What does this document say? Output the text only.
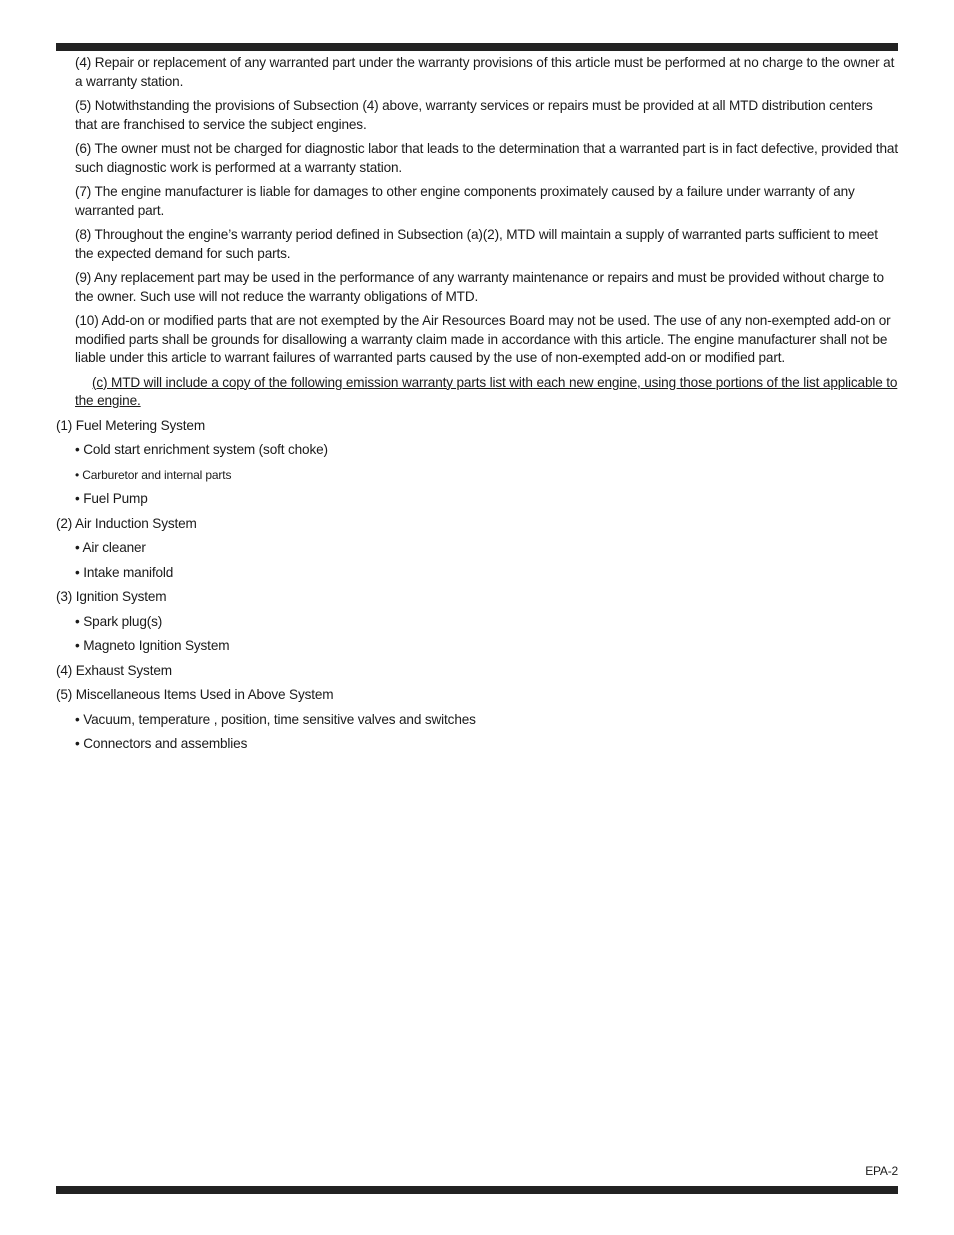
(4) Repair or replacement of any warranted part under the warranty provisions of this article must be performed at no charge to the owner at a warranty station.

(5) Notwithstanding the provisions of Subsection (4) above, warranty services or repairs must be provided at all MTD distribution centers that are franchised to service the subject engines.

(6) The owner must not be charged for diagnostic labor that leads to the determination that a warranted part is in fact defective, provided that such diagnostic work is performed at a warranty station.

(7) The engine manufacturer is liable for damages to other engine components proximately caused by a failure under warranty of any warranted part.

(8) Throughout the engine’s warranty period defined in Subsection (a)(2), MTD will maintain a supply of warranted parts sufficient to meet the expected demand for such parts.

(9) Any replacement part may be used in the performance of any warranty maintenance or repairs and must be provided without charge to the owner. Such use will not reduce the warranty obligations of MTD.

(10) Add-on or modified parts that are not exempted by the Air Resources Board may not be used. The use of any non-exempted add-on or modified parts shall be grounds for disallowing a warranty claim made in accordance with this article. The engine manufacturer shall not be liable under this article to warrant failures of warranted parts caused by the use of non-exempted add-on or modified part.

(c) MTD will include a copy of the following emission warranty parts list with each new engine, using those portions of the list applicable to the engine.

(1) Fuel Metering System

• Cold start enrichment system (soft choke)

• Carburetor and internal parts

• Fuel Pump

(2) Air Induction System

• Air cleaner

• Intake manifold

(3) Ignition System

• Spark plug(s)

• Magneto Ignition System

(4) Exhaust System

(5) Miscellaneous Items Used in Above System

• Vacuum, temperature , position, time sensitive valves and switches

• Connectors and assemblies

EPA-2
